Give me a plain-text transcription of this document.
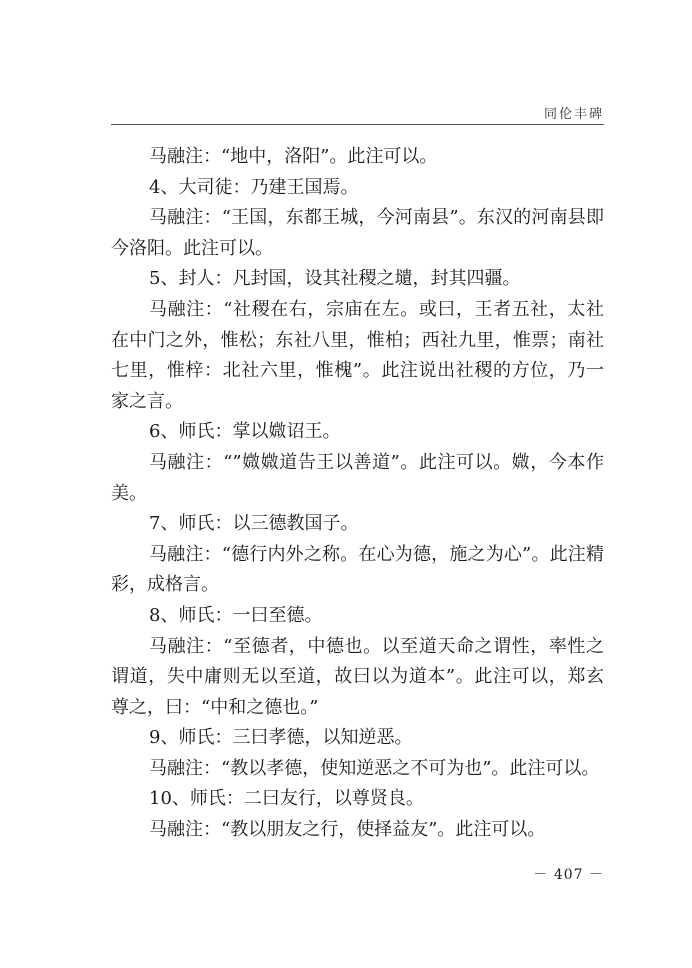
同伦丰碑

马融注：“地中，洛阳”。此注可以。

4、大司徒：乃建王国焉。

马融注：“王国，东都王城，今河南县”。东汉的河南县即今洛阳。此注可以。

5、封人：凡封国，设其社稷之壝，封其四疆。

马融注：“社稷在右，宗庙在左。或曰，王者五社，太社在中门之外，惟松；东社八里，惟柏；西社九里，惟票；南社七里，惟梓：北社六里，惟槐”。此注说出社稷的方位，乃一家之言。

6、师氏：掌以媺诏王。

马融注：“”媺媺道告王以善道”。此注可以。媺，今本作美。

7、师氏：以三德教国子。

马融注：“德行内外之称。在心为德，施之为心”。此注精彩，成格言。

8、师氏：一曰至德。

马融注：“至德者，中德也。以至道天命之谓性，率性之谓道，失中庸则无以至道，故曰以为道本”。此注可以，郑玄尊之，曰：“中和之德也。”

9、师氏：三曰孝德，以知逆恶。

马融注：“教以孝德，使知逆恶之不可为也”。此注可以。

10、师氏：二曰友行，以尊贤良。

马融注：“教以朋友之行，使择益友”。此注可以。

－ 407 －
